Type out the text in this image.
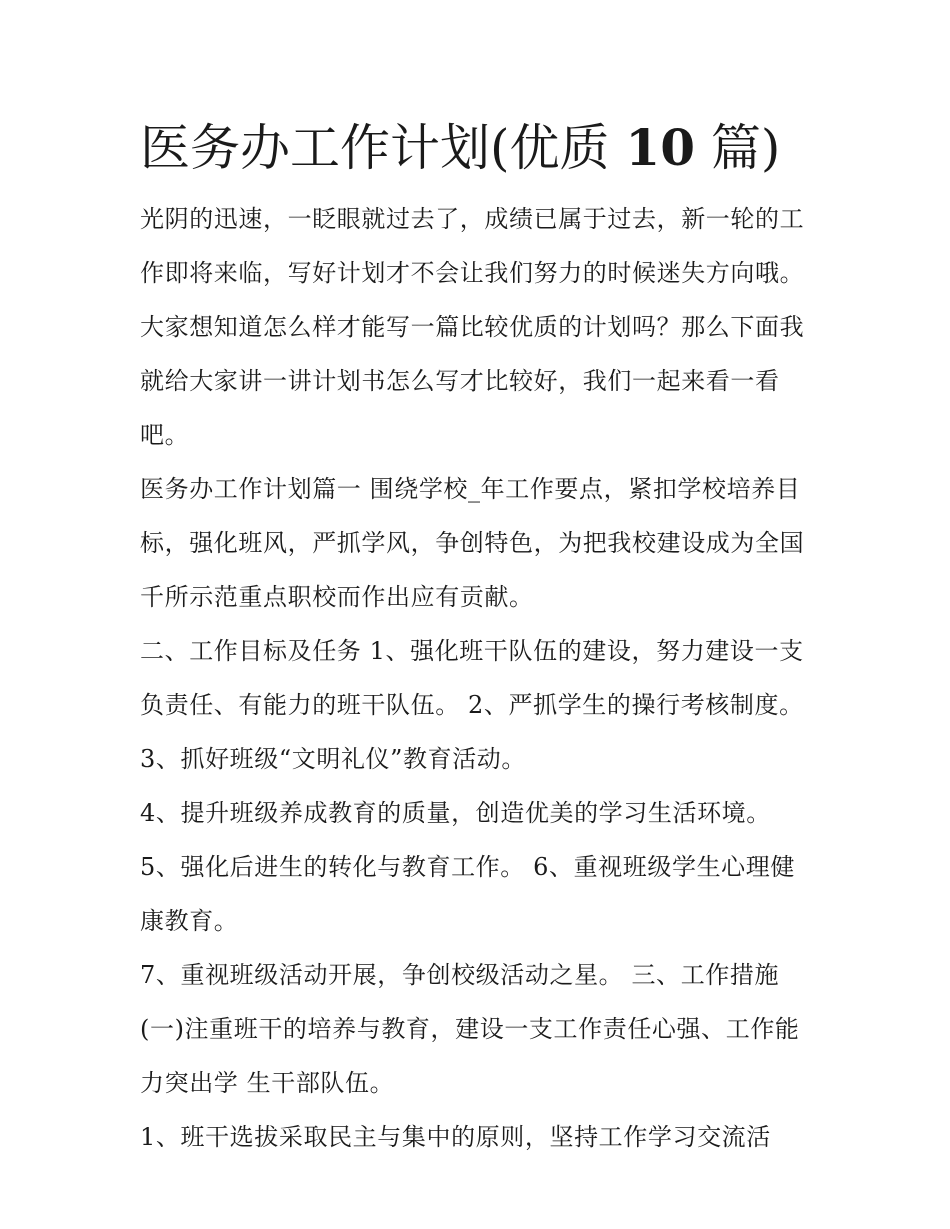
医务办工作计划(优质 10 篇)
光阴的迅速，一眨眼就过去了，成绩已属于过去，新一轮的工
作即将来临，写好计划才不会让我们努力的时候迷失方向哦。
大家想知道怎么样才能写一篇比较优质的计划吗？那么下面我
就给大家讲一讲计划书怎么写才比较好，我们一起来看一看
吧。
医务办工作计划篇一 围绕学校_年工作要点，紧扣学校培养目
标，强化班风，严抓学风，争创特色，为把我校建设成为全国
千所示范重点职校而作出应有贡献。
二、工作目标及任务 1、强化班干队伍的建设，努力建设一支
负责任、有能力的班干队伍。 2、严抓学生的操行考核制度。
3、抓好班级“文明礼仪”教育活动。
4、提升班级养成教育的质量，创造优美的学习生活环境。
5、强化后进生的转化与教育工作。 6、重视班级学生心理健
康教育。
7、重视班级活动开展，争创校级活动之星。 三、工作措施
(一)注重班干的培养与教育，建设一支工作责任心强、工作能
力突出学 生干部队伍。
1、班干选拔采取民主与集中的原则，坚持工作学习交流活
